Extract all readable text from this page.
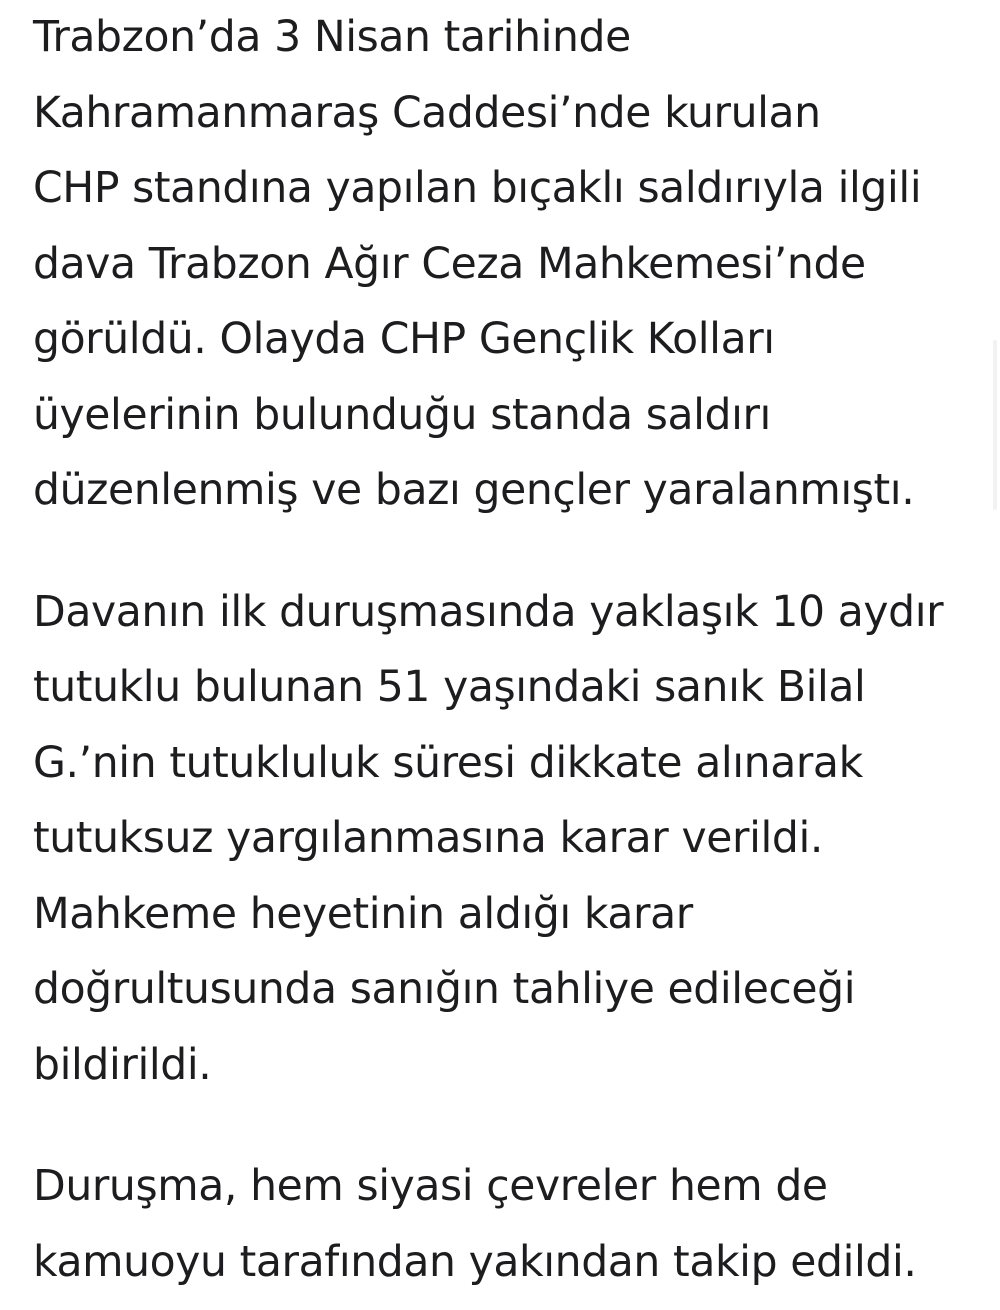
Trabzon’da 3 Nisan tarihinde
Kahramanmaraş Caddesi’nde kurulan
CHP standına yapılan bıçaklı saldırıyla ilgili
dava Trabzon Ağır Ceza Mahkemesi’nde
görüldü. Olayda CHP Gençlik Kolları
üyelerinin bulunduğu standa saldırı
düzenlenmiş ve bazı gençler yaralanmıştı.

Davanın ilk duruşmasında yaklaşık 10 aydır
tutuklu bulunan 51 yaşındaki sanık Bilal
G.’nin tutukluluk süresi dikkate alınarak
tutuksuz yargılanmasına karar verildi.
Mahkeme heyetinin aldığı karar
doğrultusunda sanığın tahliye edileceği
bildirildi.

Duruşma, hem siyasi çevreler hem de
kamuoyu tarafından yakından takip edildi.
